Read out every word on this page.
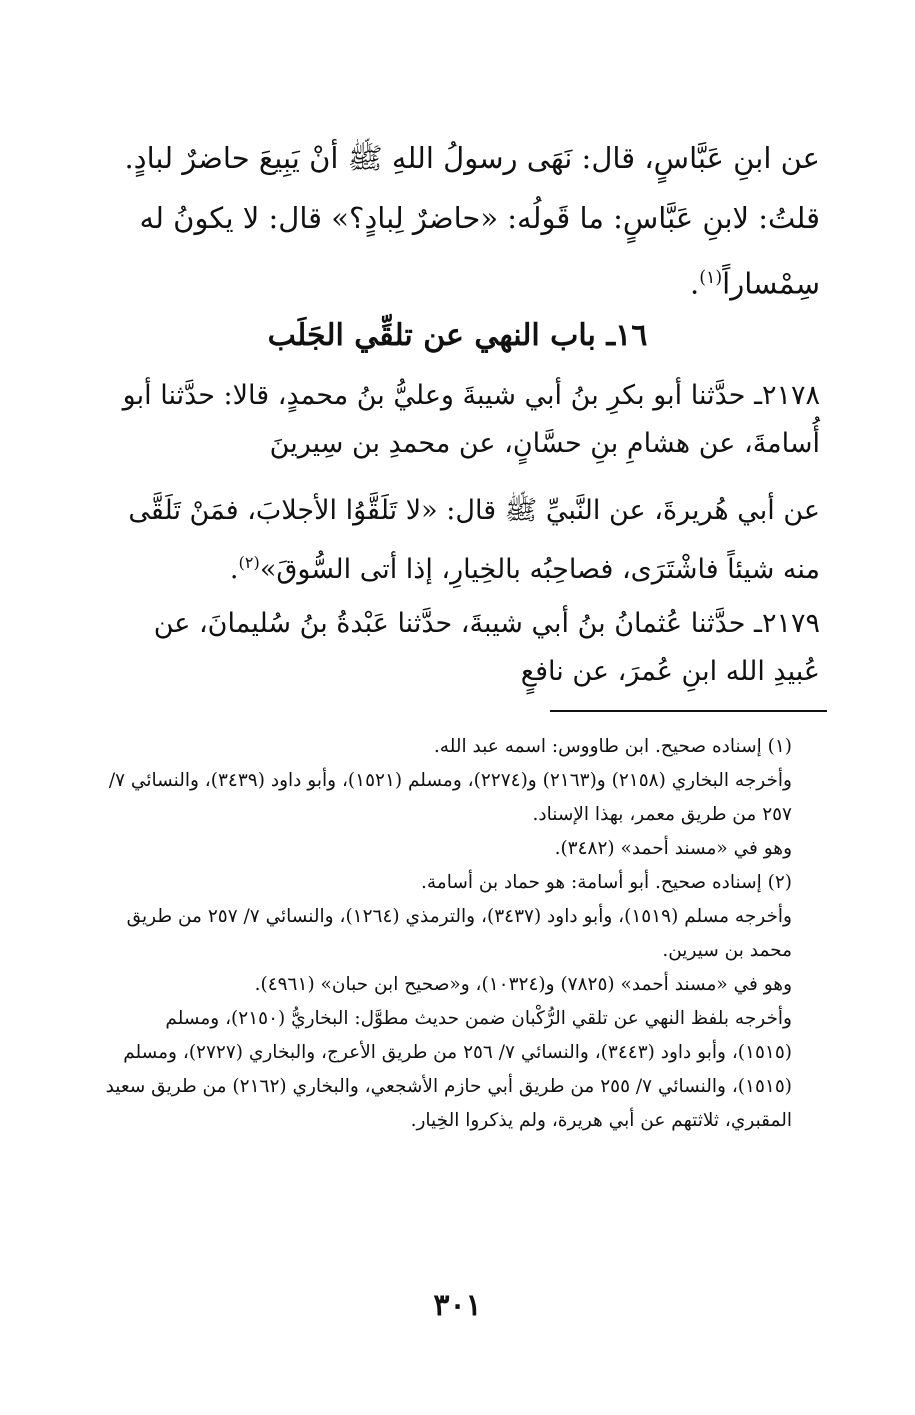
عن ابنِ عَبَّاسٍ، قال: نَهَى رسولُ اللهِ ﷺ أنْ يَبِيعَ حاضرٌ لبادٍ.
قلتُ: لابنِ عَبَّاسٍ: ما قَولُه: «حاضرٌ لِبادٍ؟» قال: لا يكونُ له سِمْساراً$^{(١)}$.
١٦ـ باب النهي عن تلقِّي الجَلَب
٢١٧٨ـ حدَّثنا أبو بكرِ بنُ أبي شيبةَ وعليُّ بنُ محمدٍ، قالا: حدَّثنا أبو أُسامةَ، عن هشامِ بنِ حسَّانٍ، عن محمدِ بن سِيرينَ
عن أبي هُريرةَ، عن النَّبيِّ ﷺ قال: «لا تَلَقَّوُا الأجلابَ، فمَنْ تَلَقَّى منه شيئاً فاشْتَرَى، فصاحِبُه بالخِيارِ، إذا أتى السُّوقَ»$^{(٢)}$.
٢١٧٩ـ حدَّثنا عُثمانُ بنُ أبي شيبةَ، حدَّثنا عَبْدةُ بنُ سُليمانَ، عن عُبيدِ الله ابنِ عُمرَ، عن نافعٍ
(١) إسناده صحيح. ابن طاووس: اسمه عبد الله.
وأخرجه البخاري (٢١٥٨) و(٢١٦٣) و(٢٢٧٤)، ومسلم (١٥٢١)، وأبو داود (٣٤٣٩)، والنسائي ٧/ ٢٥٧ من طريق معمر، بهذا الإسناد.
وهو في «مسند أحمد» (٣٤٨٢).
(٢) إسناده صحيح. أبو أسامة: هو حماد بن أسامة.
وأخرجه مسلم (١٥١٩)، وأبو داود (٣٤٣٧)، والترمذي (١٢٦٤)، والنسائي ٧/ ٢٥٧ من طريق محمد بن سيرين.
وهو في «مسند أحمد» (٧٨٢٥) و(١٠٣٢٤)، و«صحيح ابن حبان» (٤٩٦١).
وأخرجه بلفظ النهي عن تلقي الرُّكْبان ضمن حديث مطوَّل: البخاريُّ (٢١٥٠)، ومسلم (١٥١٥)، وأبو داود (٣٤٤٣)، والنسائي ٧/ ٢٥٦ من طريق الأعرج، والبخاري (٢٧٢٧)، ومسلم (١٥١٥)، والنسائي ٧/ ٢٥٥ من طريق أبي حازم الأشجعي، والبخاري (٢١٦٢) من طريق سعيد المقبري، ثلاثتهم عن أبي هريرة، ولم يذكروا الخِيار.
٣٠١
